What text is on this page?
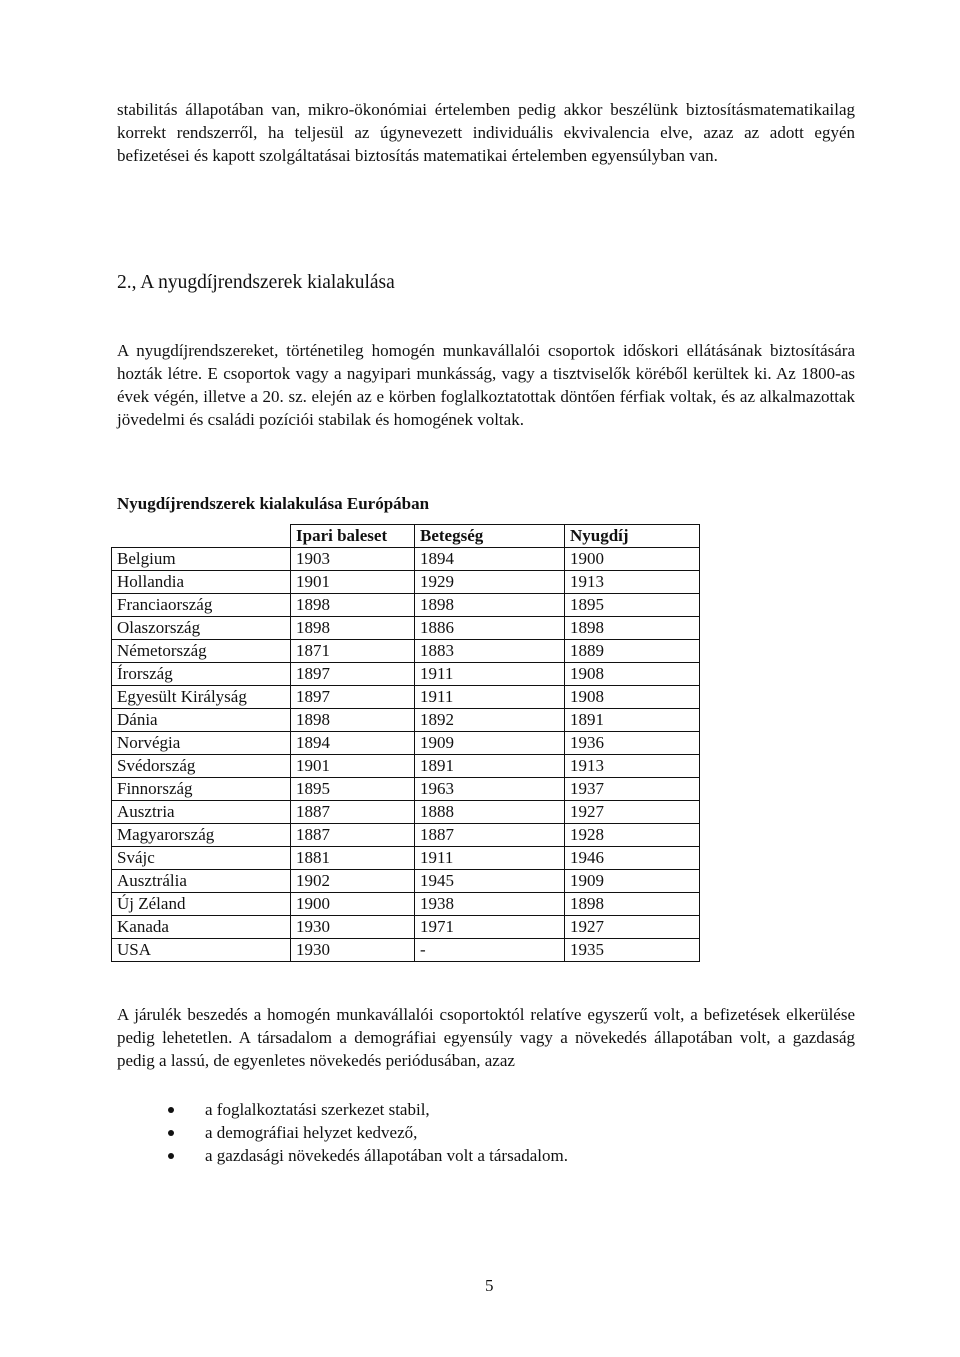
stabilitás állapotában van, mikro-ökonómiai értelemben pedig akkor beszélünk biztosításmatematikailag korrekt rendszerről, ha teljesül az úgynevezett individuális ekvivalencia elve, azaz az adott egyén befizetései és kapott szolgáltatásai biztosítás matematikai értelemben egyensúlyban van.

2., A nyugdíjrendszerek kialakulása

A nyugdíjrendszereket, történetileg homogén munkavállalói csoportok időskori ellátásának biztosítására hozták létre. E csoportok vagy a nagyipari munkásság, vagy a tisztviselők köréből kerültek ki. Az 1800-as évek végén, illetve a 20. sz. elején az e körben foglalkoztatottak döntően férfiak voltak, és az alkalmazottak jövedelmi és családi pozíciói stabilak és homogének voltak.

Nyugdíjrendszerek kialakulása Európában

	Ipari baleset	Betegség	Nyugdíj
Belgium	1903	1894	1900
Hollandia	1901	1929	1913
Franciaország	1898	1898	1895
Olaszország	1898	1886	1898
Németország	1871	1883	1889
Írország	1897	1911	1908
Egyesült Királyság	1897	1911	1908
Dánia	1898	1892	1891
Norvégia	1894	1909	1936
Svédország	1901	1891	1913
Finnország	1895	1963	1937
Ausztria	1887	1888	1927
Magyarország	1887	1887	1928
Svájc	1881	1911	1946
Ausztrália	1902	1945	1909
Új Zéland	1900	1938	1898
Kanada	1930	1971	1927
USA	1930	-	1935

A járulék beszedés a homogén munkavállalói csoportoktól relatíve egyszerű volt, a befizetések elkerülése pedig lehetetlen. A társadalom a demográfiai egyensúly vagy a növekedés állapotában volt, a gazdaság pedig a lassú, de egyenletes növekedés periódusában, azaz

a foglalkoztatási szerkezet stabil,
a demográfiai helyzet kedvező,
a gazdasági növekedés állapotában volt a társadalom.

5
